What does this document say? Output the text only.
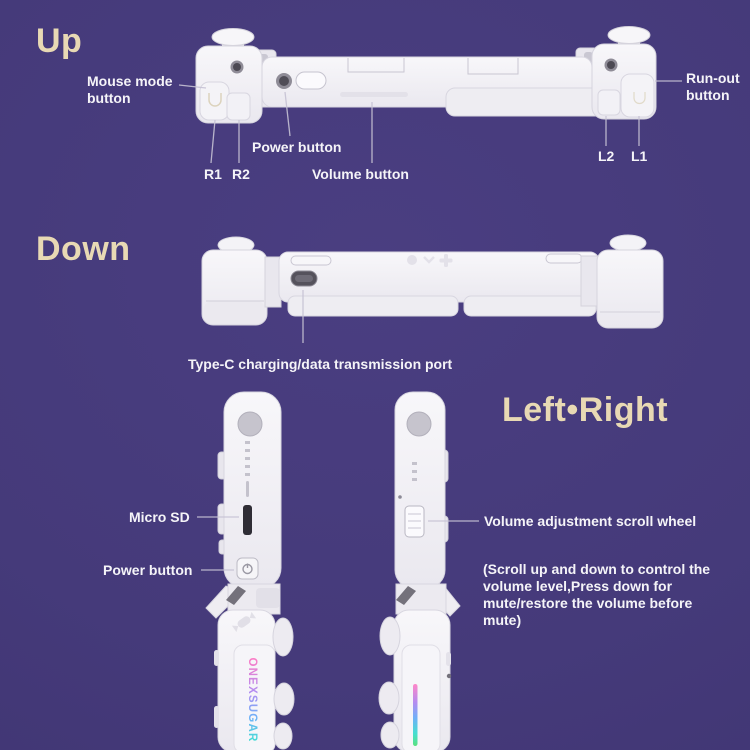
ONEXSUGAR
Up
Down
Left•Right
Mouse mode button
Power button
Volume button
R1 R2
Run-out button
L2 L1
Type-C charging/data transmission port
Micro SD
Power button
Volume adjustment scroll wheel
(Scroll up and down to control the volume level,Press down for mute/restore the volume before mute)
